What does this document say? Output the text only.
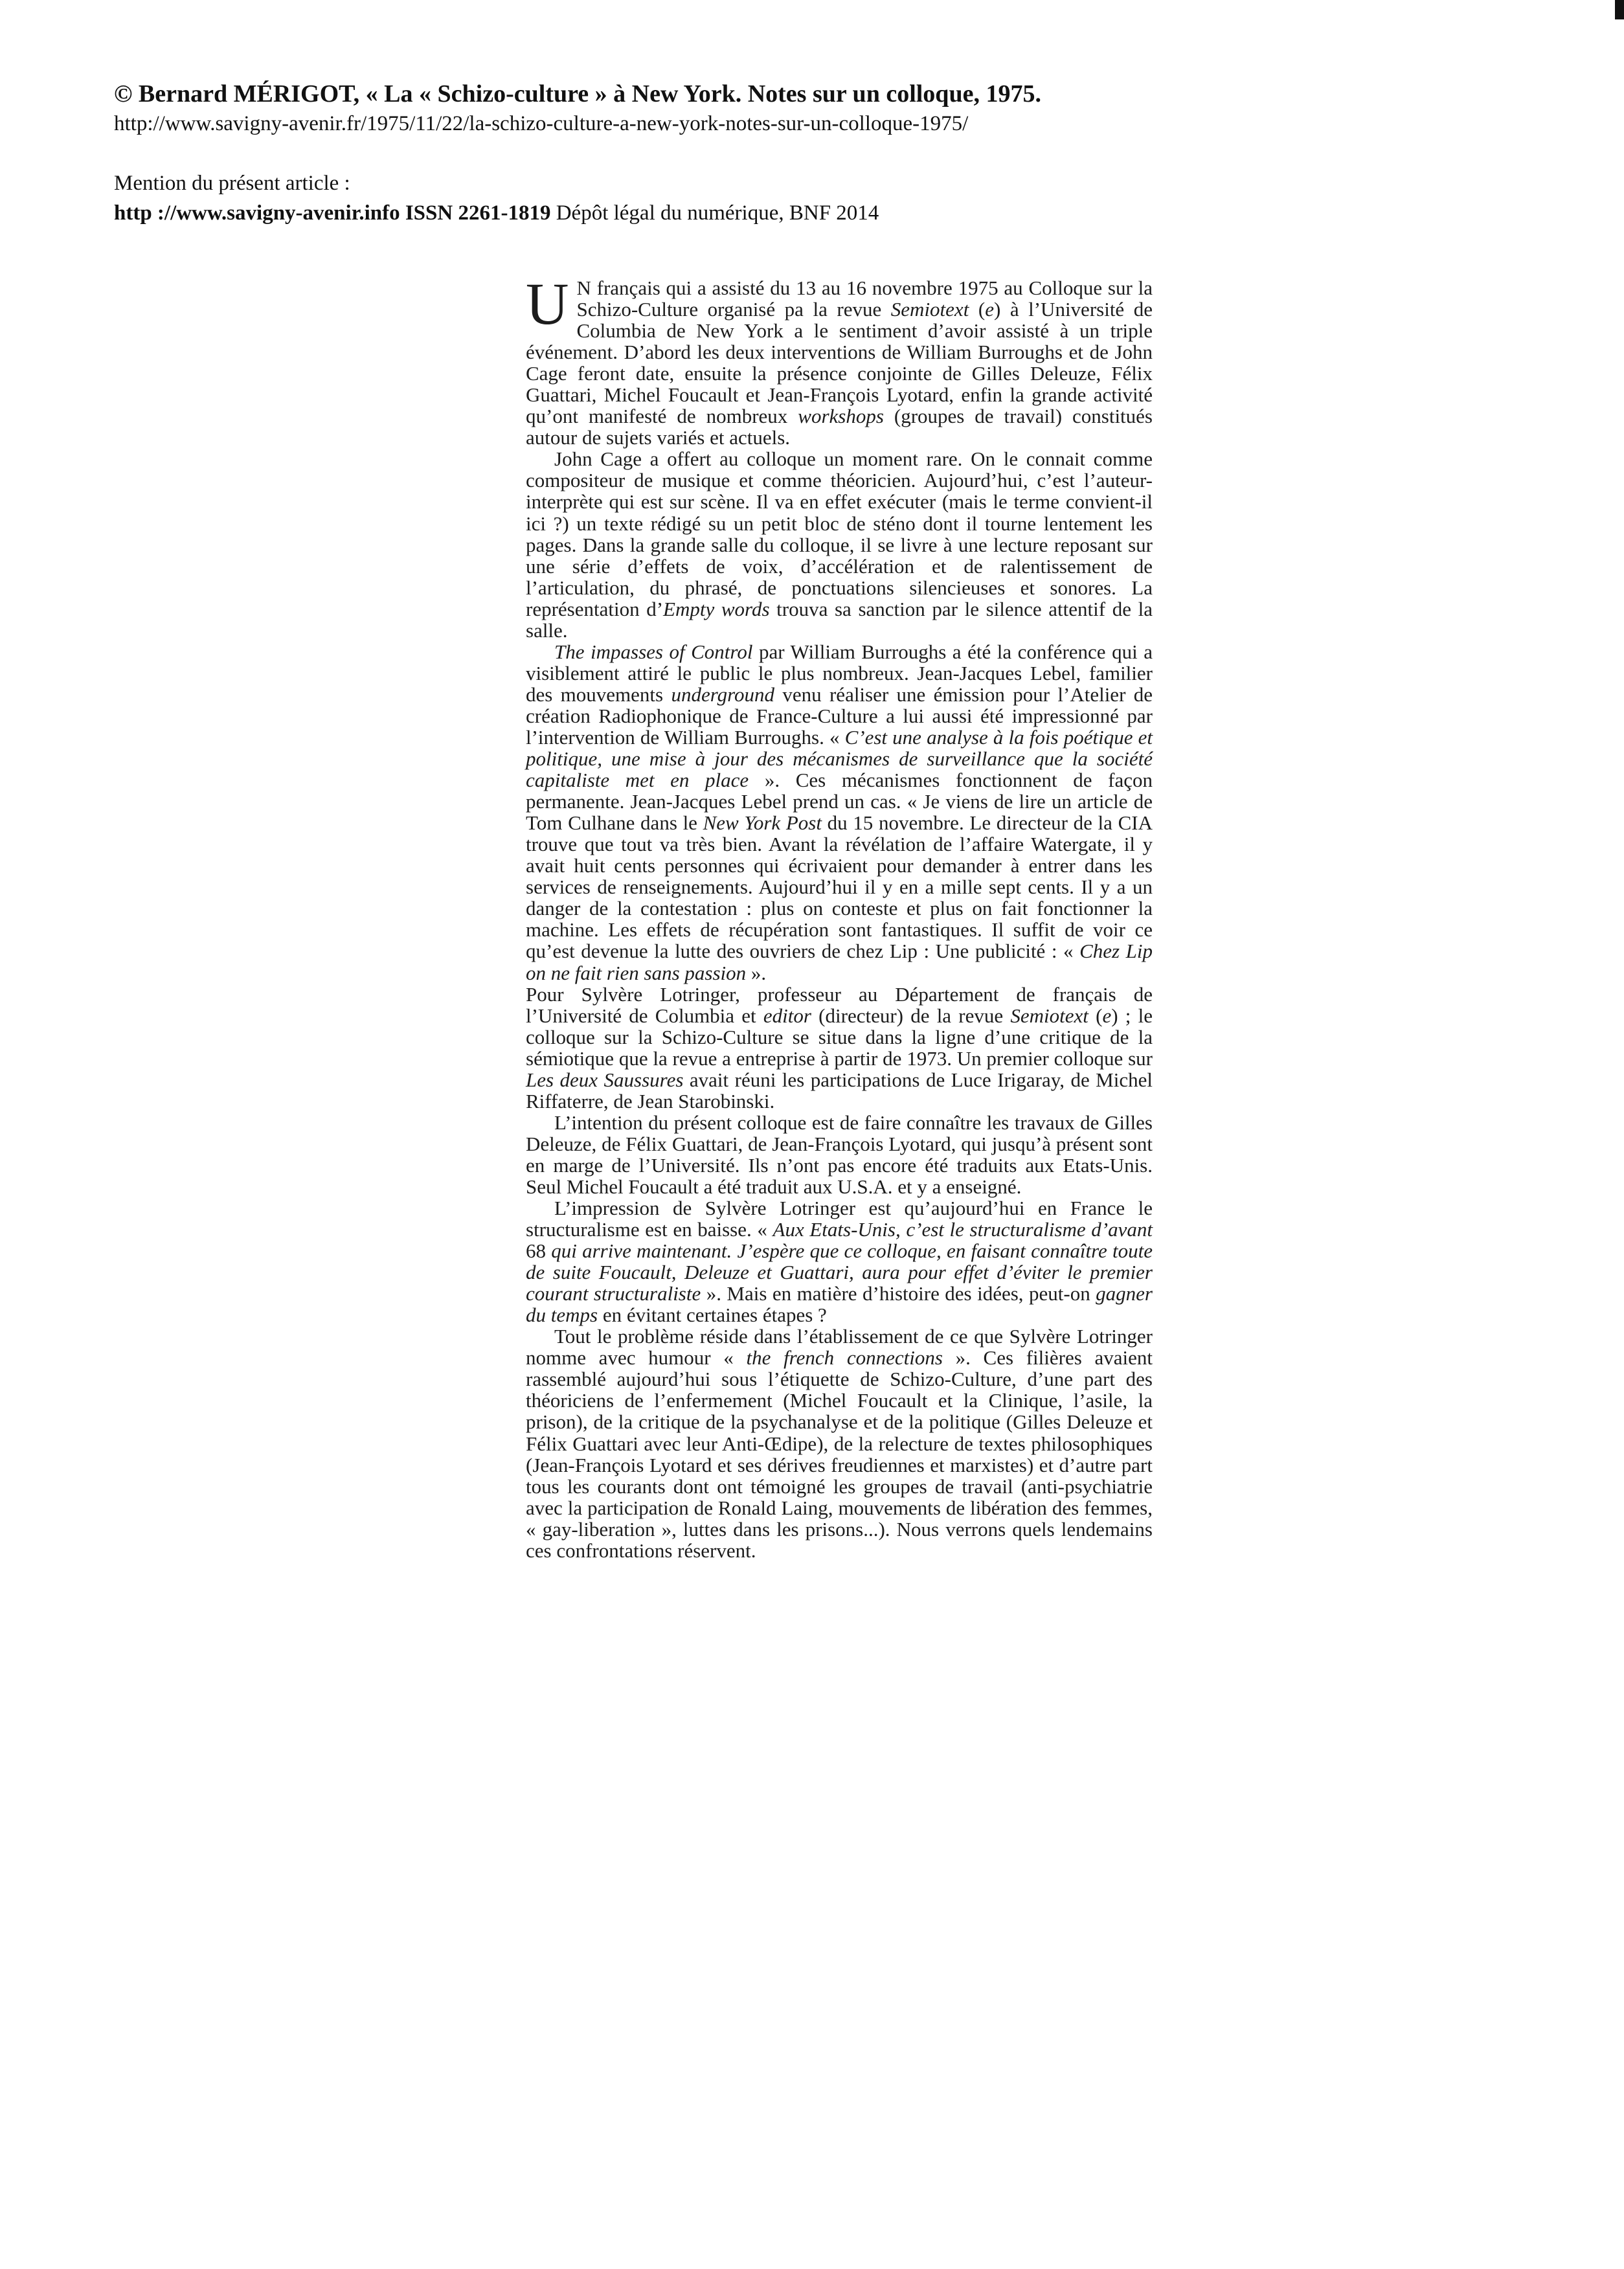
© Bernard MÉRIGOT, « La « Schizo-culture » à New York. Notes sur un colloque, 1975.
http://www.savigny-avenir.fr/1975/11/22/la-schizo-culture-a-new-york-notes-sur-un-colloque-1975/
Mention du présent article :
http ://www.savigny-avenir.info ISSN 2261-1819 Dépôt légal du numérique, BNF 2014

U N français qui a assisté du 13 au 16 novembre 1975 au Colloque sur la Schizo-Culture organisé pa la revue Semiotext (e) à l’Université de Columbia de New York a le sentiment d’avoir assisté à un triple événement. D’abord les deux interventions de William Burroughs et de John Cage feront date, ensuite la présence conjointe de Gilles Deleuze, Félix Guattari, Michel Foucault et Jean-François Lyotard, enfin la grande activité qu’ont manifesté de nombreux workshops (groupes de travail) constitués autour de sujets variés et actuels.

John Cage a offert au colloque un moment rare. On le connait comme compositeur de musique et comme théoricien. Aujourd’hui, c’est l’auteur-interprète qui est sur scène. Il va en effet exécuter (mais le terme convient-il ici ?) un texte rédigé su un petit bloc de sténo dont il tourne lentement les pages. Dans la grande salle du colloque, il se livre à une lecture reposant sur une série d’effets de voix, d’accélération et de ralentissement de l’articulation, du phrasé, de ponctuations silencieuses et sonores. La représentation d’Empty words trouva sa sanction par le silence attentif de la salle.

The impasses of Control par William Burroughs a été la conférence qui a visiblement attiré le public le plus nombreux. Jean-Jacques Lebel, familier des mouvements underground venu réaliser une émission pour l’Atelier de création Radiophonique de France-Culture a lui aussi été impressionné par l’intervention de William Burroughs. « C’est une analyse à la fois poétique et politique, une mise à jour des mécanismes de surveillance que la société capitaliste met en place ». Ces mécanismes fonctionnent de façon permanente. Jean-Jacques Lebel prend un cas. « Je viens de lire un article de Tom Culhane dans le New York Post du 15 novembre. Le directeur de la CIA trouve que tout va très bien. Avant la révélation de l’affaire Watergate, il y avait huit cents personnes qui écrivaient pour demander à entrer dans les services de renseignements. Aujourd’hui il y en a mille sept cents. Il y a un danger de la contestation : plus on conteste et plus on fait fonctionner la machine. Les effets de récupération sont fantastiques. Il suffit de voir ce qu’est devenue la lutte des ouvriers de chez Lip : Une publicité : « Chez Lip on ne fait rien sans passion ».

Pour Sylvère Lotringer, professeur au Département de français de l’Université de Columbia et editor (directeur) de la revue Semiotext (e) ; le colloque sur la Schizo-Culture se situe dans la ligne d’une critique de la sémiotique que la revue a entreprise à partir de 1973. Un premier colloque sur Les deux Saussures avait réuni les participations de Luce Irigaray, de Michel Riffaterre, de Jean Starobinski.

L’intention du présent colloque est de faire connaître les travaux de Gilles Deleuze, de Félix Guattari, de Jean-François Lyotard, qui jusqu’à présent sont en marge de l’Université. Ils n’ont pas encore été traduits aux Etats-Unis. Seul Michel Foucault a été traduit aux U.S.A. et y a enseigné.

L’impression de Sylvère Lotringer est qu’aujourd’hui en France le structuralisme est en baisse. « Aux Etats-Unis, c’est le structuralisme d’avant 68 qui arrive maintenant. J’espère que ce colloque, en faisant connaître toute de suite Foucault, Deleuze et Guattari, aura pour effet d’éviter le premier courant structuraliste ». Mais en matière d’histoire des idées, peut-on gagner du temps en évitant certaines étapes ?

Tout le problème réside dans l’établissement de ce que Sylvère Lotringer nomme avec humour « the french connections ». Ces filières avaient rassemblé aujourd’hui sous l’étiquette de Schizo-Culture, d’une part des théoriciens de l’enfermement (Michel Foucault et la Clinique, l’asile, la prison), de la critique de la psychanalyse et de la politique (Gilles Deleuze et Félix Guattari avec leur Anti-Œdipe), de la relecture de textes philosophiques (Jean-François Lyotard et ses dérives freudiennes et marxistes) et d’autre part tous les courants dont ont témoigné les groupes de travail (anti-psychiatrie avec la participation de Ronald Laing, mouvements de libération des femmes, « gay-liberation », luttes dans les prisons...). Nous verrons quels lendemains ces confrontations réservent.
